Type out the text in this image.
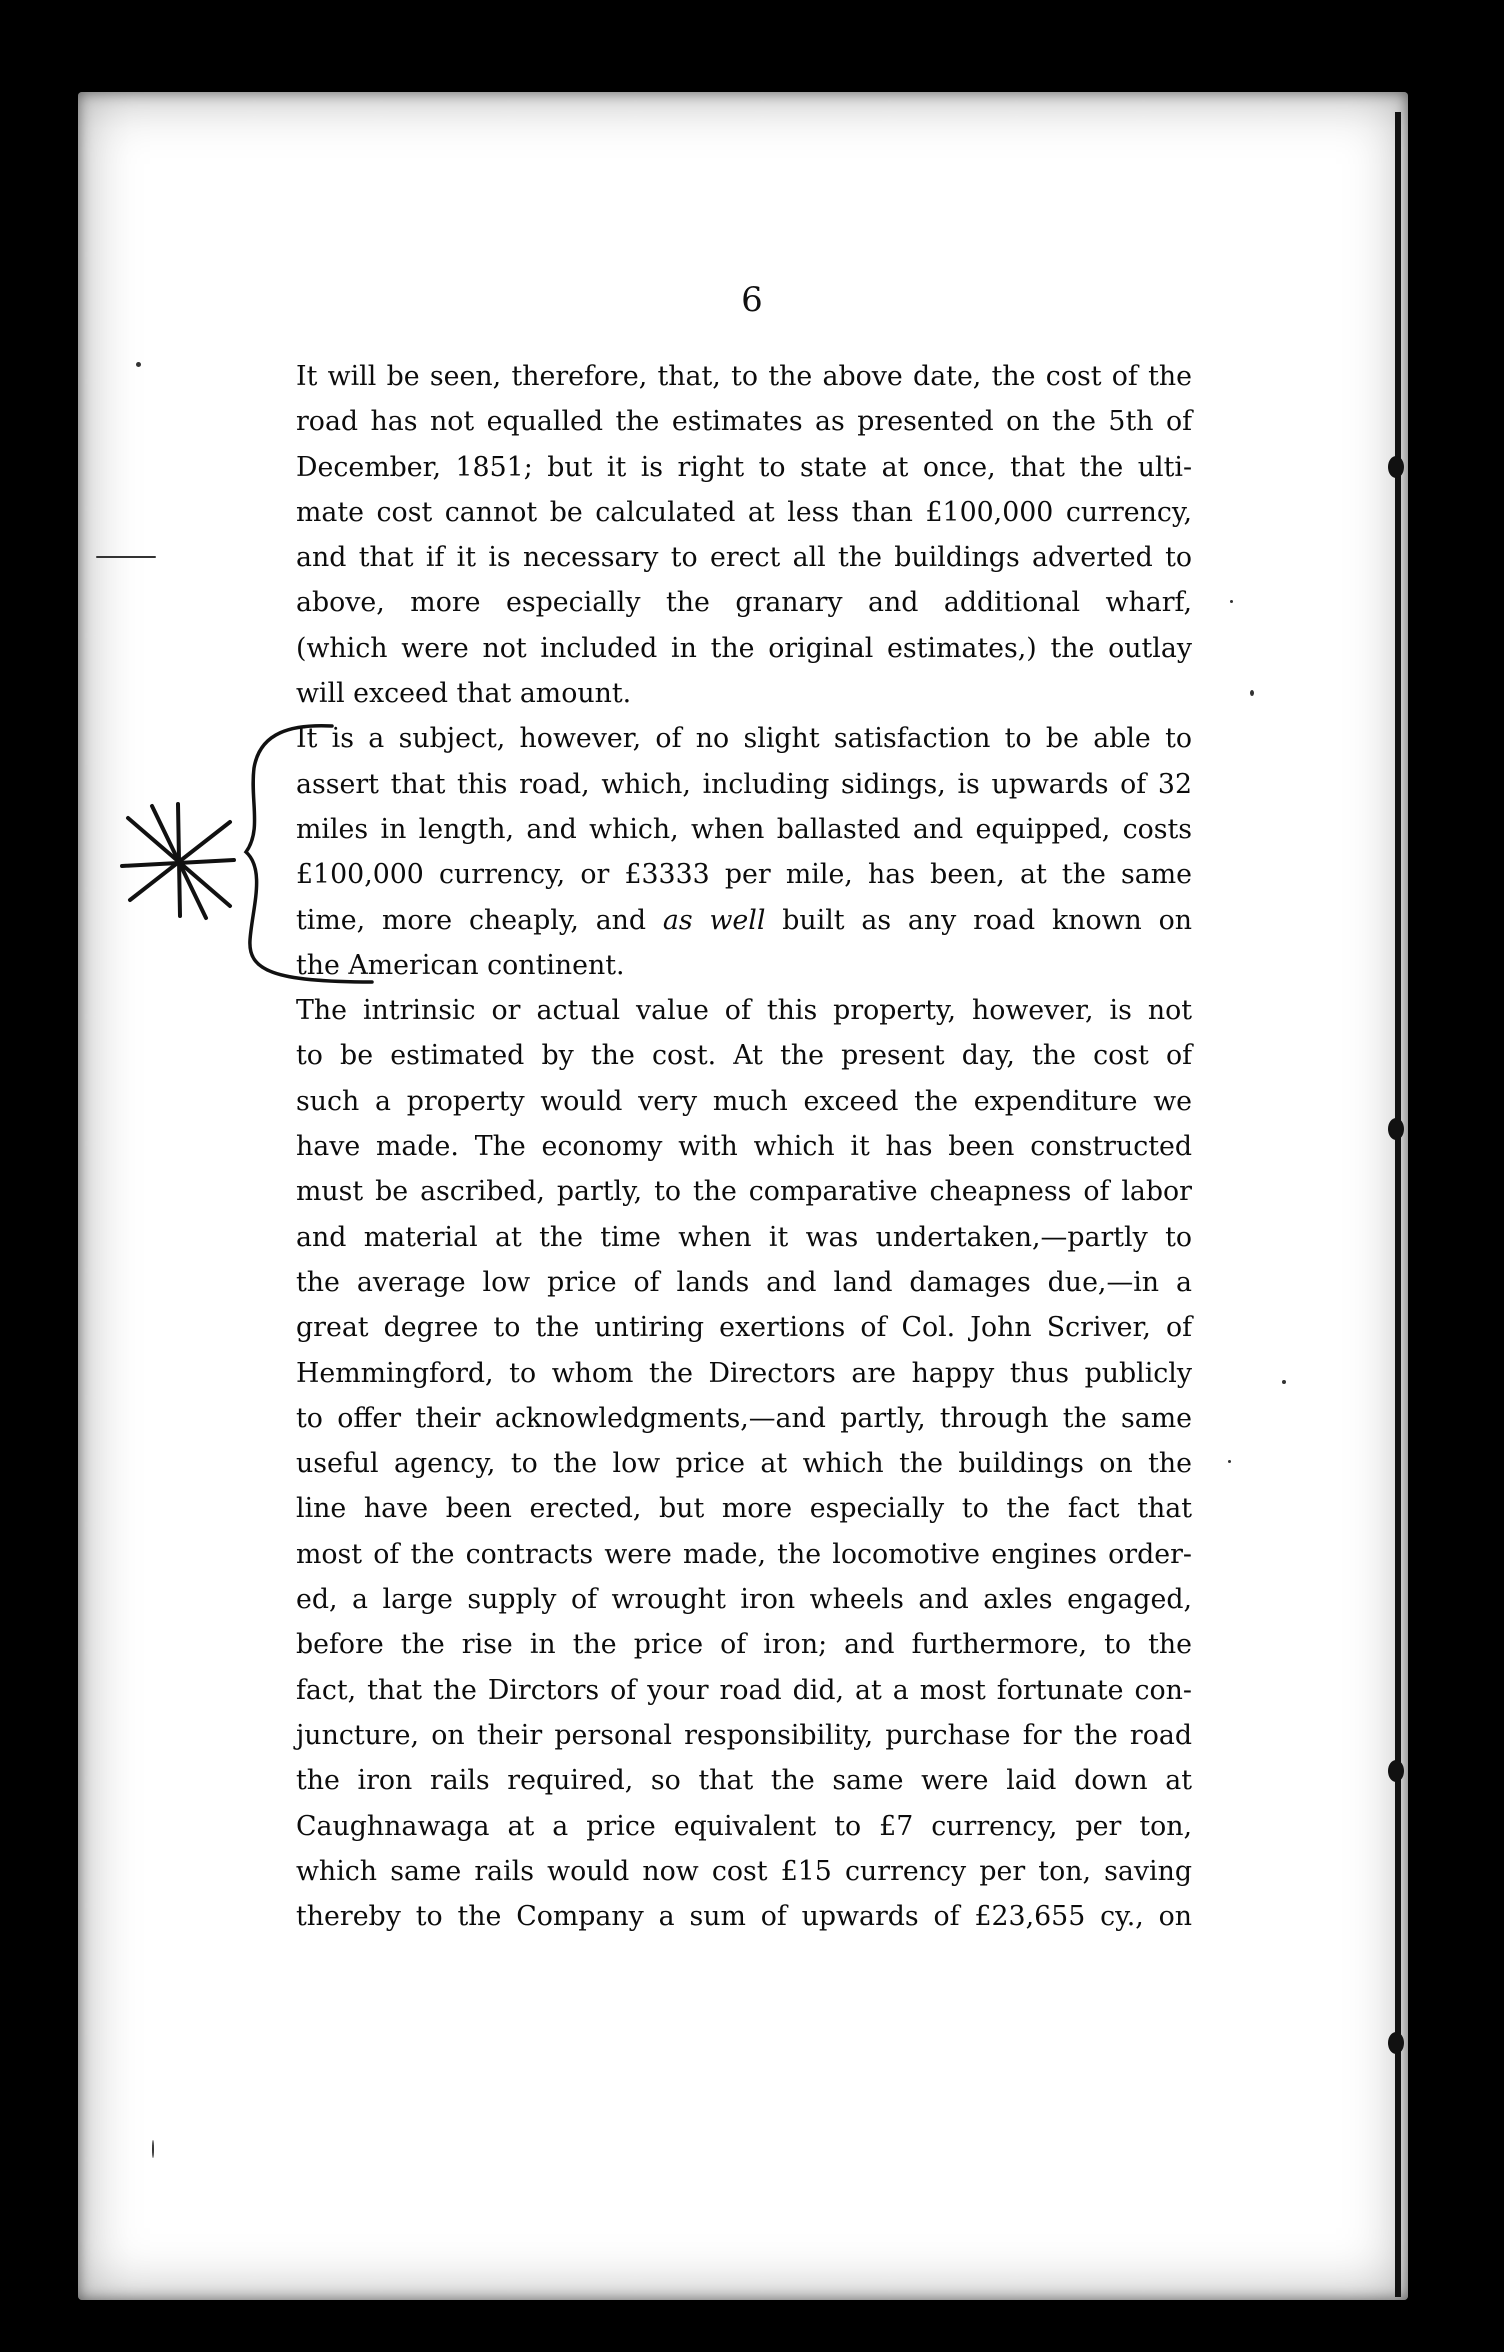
6
It will be seen, therefore, that, to the above date, the cost of the
road has not equalled the estimates as presented on the 5th of
December, 1851; but it is right to state at once, that the ulti-
mate cost cannot be calculated at less than £100,000 currency,
and that if it is necessary to erect all the buildings adverted to
above, more especially the granary and additional wharf,
(which were not included in the original estimates,) the outlay
will exceed that amount.
It is a subject, however, of no slight satisfaction to be able to
assert that this road, which, including sidings, is upwards of 32
miles in length, and which, when ballasted and equipped, costs
£100,000 currency, or £3333 per mile, has been, at the same
time, more cheaply, and as well built as any road known on
the American continent.
The intrinsic or actual value of this property, however, is not
to be estimated by the cost. At the present day, the cost of
such a property would very much exceed the expenditure we
have made. The economy with which it has been constructed
must be ascribed, partly, to the comparative cheapness of labor
and material at the time when it was undertaken,—partly to
the average low price of lands and land damages due,—in a
great degree to the untiring exertions of Col. John Scriver, of
Hemmingford, to whom the Directors are happy thus publicly
to offer their acknowledgments,—and partly, through the same
useful agency, to the low price at which the buildings on the
line have been erected, but more especially to the fact that
most of the contracts were made, the locomotive engines order-
ed, a large supply of wrought iron wheels and axles engaged,
before the rise in the price of iron; and furthermore, to the
fact, that the Dirctors of your road did, at a most fortunate con-
juncture, on their personal responsibility, purchase for the road
the iron rails required, so that the same were laid down at
Caughnawaga at a price equivalent to £7 currency, per ton,
which same rails would now cost £15 currency per ton, saving
thereby to the Company a sum of upwards of £23,655 cy., on
